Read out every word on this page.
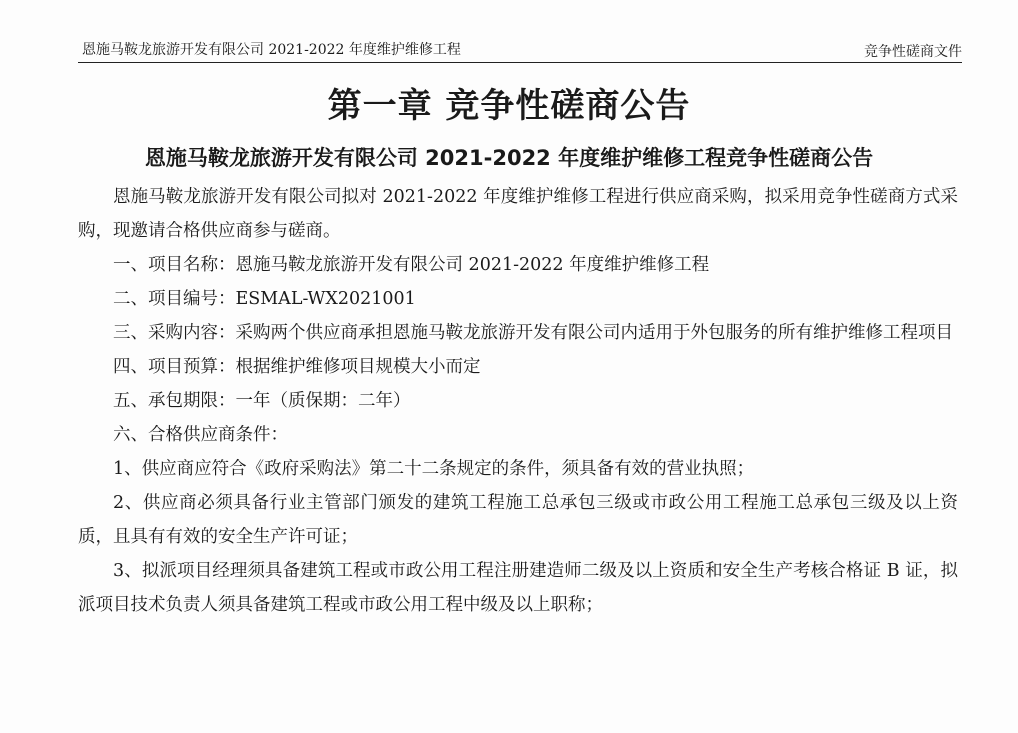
恩施马鞍龙旅游开发有限公司 2021-2022 年度维护维修工程	竞争性磋商文件
第一章 竞争性磋商公告
恩施马鞍龙旅游开发有限公司 2021-2022 年度维护维修工程竞争性磋商公告

恩施马鞍龙旅游开发有限公司拟对 2021-2022 年度维护维修工程进行供应商采购，拟采用竞争性磋商方式采购，现邀请合格供应商参与磋商。

一、项目名称：恩施马鞍龙旅游开发有限公司 2021-2022 年度维护维修工程

二、项目编号：ESMAL-WX2021001

三、采购内容：采购两个供应商承担恩施马鞍龙旅游开发有限公司内适用于外包服务的所有维护维修工程项目

四、项目预算：根据维护维修项目规模大小而定

五、承包期限：一年（质保期：二年）

六、合格供应商条件：

1、供应商应符合《政府采购法》第二十二条规定的条件，须具备有效的营业执照；

2、供应商必须具备行业主管部门颁发的建筑工程施工总承包三级或市政公用工程施工总承包三级及以上资质，且具有有效的安全生产许可证；

3、拟派项目经理须具备建筑工程或市政公用工程注册建造师二级及以上资质和安全生产考核合格证 B 证，拟派项目技术负责人须具备建筑工程或市政公用工程中级及以上职称；
